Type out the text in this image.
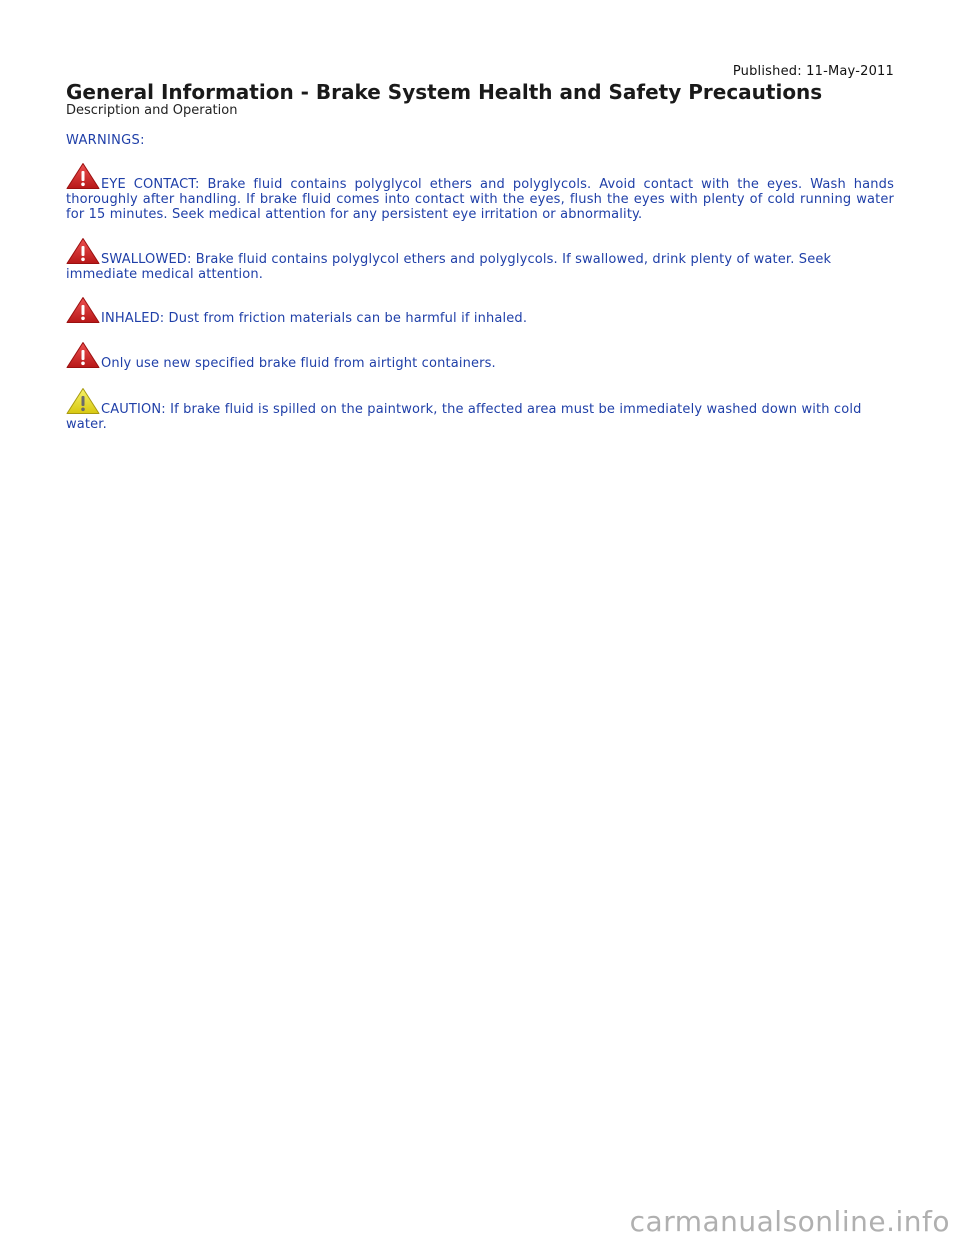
Published: 11-May-2011
General Information - Brake System Health and Safety Precautions
Description and Operation
WARNINGS:
EYE CONTACT: Brake fluid contains polyglycol ethers and polyglycols. Avoid contact with the eyes. Wash hands thoroughly after handling. If brake fluid comes into contact with the eyes, flush the eyes with plenty of cold running water for 15 minutes. Seek medical attention for any persistent eye irritation or abnormality.
SWALLOWED: Brake fluid contains polyglycol ethers and polyglycols. If swallowed, drink plenty of water. Seek immediate medical attention.
INHALED: Dust from friction materials can be harmful if inhaled.
Only use new specified brake fluid from airtight containers.
CAUTION: If brake fluid is spilled on the paintwork, the affected area must be immediately washed down with cold water.
carmanualsonline.info
